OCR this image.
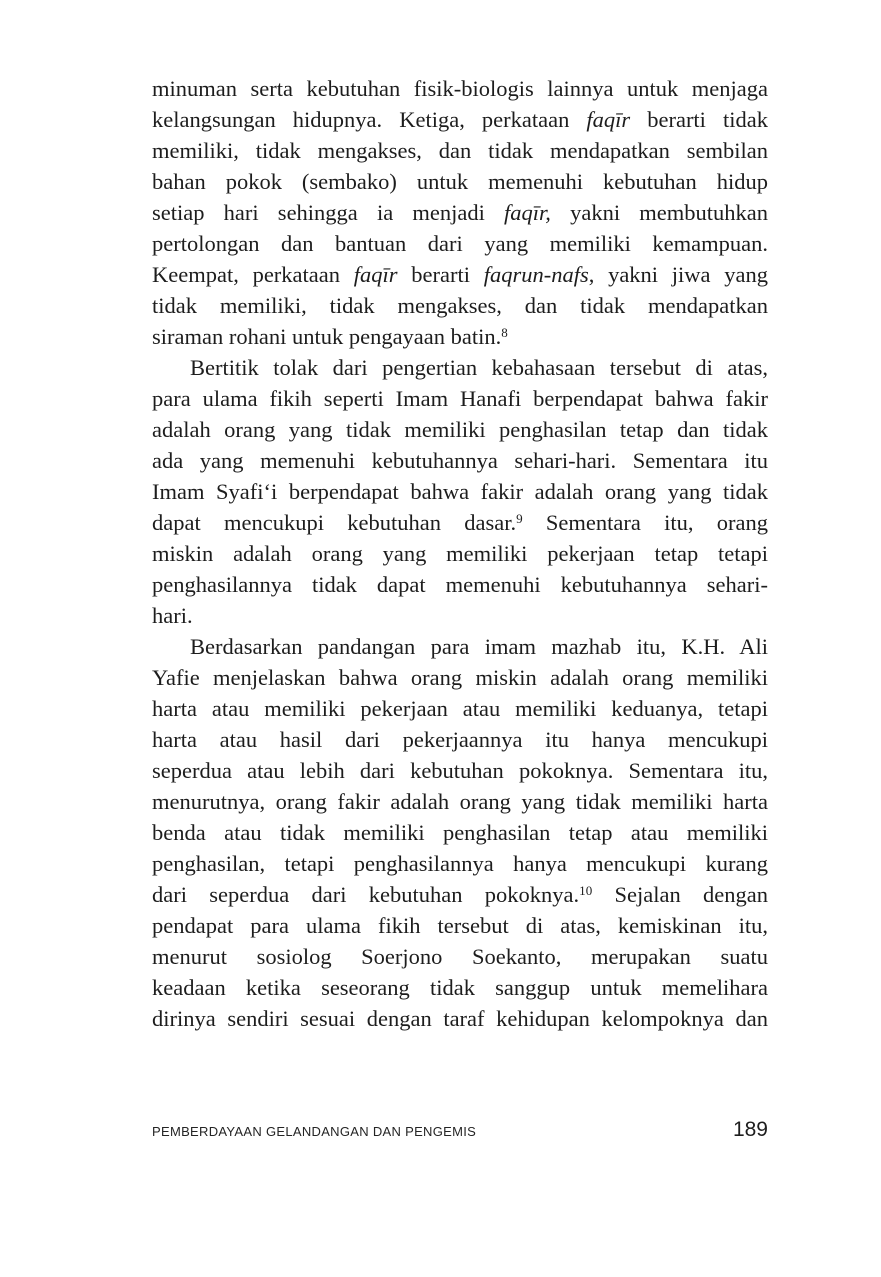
minuman serta kebutuhan fisik-biologis lainnya untuk menjaga
kelangsungan hidupnya. Ketiga, perkataan faqīr berarti tidak
memiliki, tidak mengakses, dan tidak mendapatkan sembilan
bahan pokok (sembako) untuk memenuhi kebutuhan hidup
setiap hari sehingga ia menjadi faqīr, yakni membutuhkan
pertolongan dan bantuan dari yang memiliki kemampuan.
Keempat, perkataan faqīr berarti faqrun-nafs, yakni jiwa yang
tidak memiliki, tidak mengakses, dan tidak mendapatkan
siraman rohani untuk pengayaan batin.$^8$
Bertitik tolak dari pengertian kebahasaan tersebut di atas,
para ulama fikih seperti Imam Hanafi berpendapat bahwa fakir
adalah orang yang tidak memiliki penghasilan tetap dan tidak
ada yang memenuhi kebutuhannya sehari-hari. Sementara itu
Imam Syafi‘i berpendapat bahwa fakir adalah orang yang tidak
dapat mencukupi kebutuhan dasar.$^9$ Sementara itu, orang
miskin adalah orang yang memiliki pekerjaan tetap tetapi
penghasilannya tidak dapat memenuhi kebutuhannya sehari-
hari.
Berdasarkan pandangan para imam mazhab itu, K.H. Ali
Yafie menjelaskan bahwa orang miskin adalah orang memiliki
harta atau memiliki pekerjaan atau memiliki keduanya, tetapi
harta atau hasil dari pekerjaannya itu hanya mencukupi
seperdua atau lebih dari kebutuhan pokoknya. Sementara itu,
menurutnya, orang fakir adalah orang yang tidak memiliki harta
benda atau tidak memiliki penghasilan tetap atau memiliki
penghasilan, tetapi penghasilannya hanya mencukupi kurang
dari seperdua dari kebutuhan pokoknya.$^{10}$ Sejalan dengan
pendapat para ulama fikih tersebut di atas, kemiskinan itu,
menurut sosiolog Soerjono Soekanto, merupakan suatu
keadaan ketika seseorang tidak sanggup untuk memelihara
dirinya sendiri sesuai dengan taraf kehidupan kelompoknya dan
PEMBERDAYAAN GELANDANGAN DAN PENGEMIS	189
